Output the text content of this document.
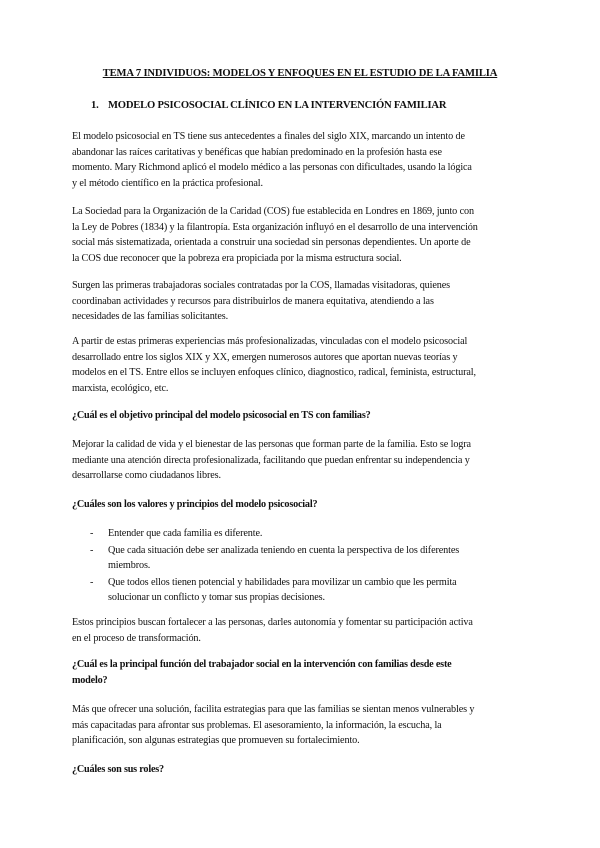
TEMA 7 INDIVIDUOS: MODELOS Y ENFOQUES EN EL ESTUDIO DE LA FAMILIA
1. MODELO PSICOSOCIAL CLÍNICO EN LA INTERVENCIÓN FAMILIAR

El modelo psicosocial en TS tiene sus antecedentes a finales del siglo XIX, marcando un intento de
abandonar las raíces caritativas y benéficas que habían predominado en la profesión hasta ese
momento. Mary Richmond aplicó el modelo médico a las personas con dificultades, usando la lógica
y el método científico en la práctica profesional.

La Sociedad para la Organización de la Caridad (COS) fue establecida en Londres en 1869, junto con
la Ley de Pobres (1834) y la filantropía. Esta organización influyó en el desarrollo de una intervención
social más sistematizada, orientada a construir una sociedad sin personas dependientes. Un aporte de
la COS due reconocer que la pobreza era propiciada por la misma estructura social.

Surgen las primeras trabajadoras sociales contratadas por la COS, llamadas visitadoras, quienes
coordinaban actividades y recursos para distribuirlos de manera equitativa, atendiendo a las
necesidades de las familias solicitantes.

A partir de estas primeras experiencias más profesionalizadas, vinculadas con el modelo psicosocial
desarrollado entre los siglos XIX y XX, emergen numerosos autores que aportan nuevas teorías y
modelos en el TS. Entre ellos se incluyen enfoques clínico, diagnostico, radical, feminista, estructural,
marxista, ecológico, etc.

¿Cuál es el objetivo principal del modelo psicosocial en TS con familias?

Mejorar la calidad de vida y el bienestar de las personas que forman parte de la familia. Esto se logra
mediante una atención directa profesionalizada, facilitando que puedan enfrentar su independencia y
desarrollarse como ciudadanos libres.

¿Cuáles son los valores y principios del modelo psicosocial?

- Entender que cada familia es diferente.
- Que cada situación debe ser analizada teniendo en cuenta la perspectiva de los diferentes
miembros.
- Que todos ellos tienen potencial y habilidades para movilizar un cambio que les permita
solucionar un conflicto y tomar sus propias decisiones.

Estos principios buscan fortalecer a las personas, darles autonomía y fomentar su participación activa
en el proceso de transformación.

¿Cuál es la principal función del trabajador social en la intervención con familias desde este
modelo?

Más que ofrecer una solución, facilita estrategias para que las familias se sientan menos vulnerables y
más capacitadas para afrontar sus problemas. El asesoramiento, la información, la escucha, la
planificación, son algunas estrategias que promueven su fortalecimiento.

¿Cuáles son sus roles?
